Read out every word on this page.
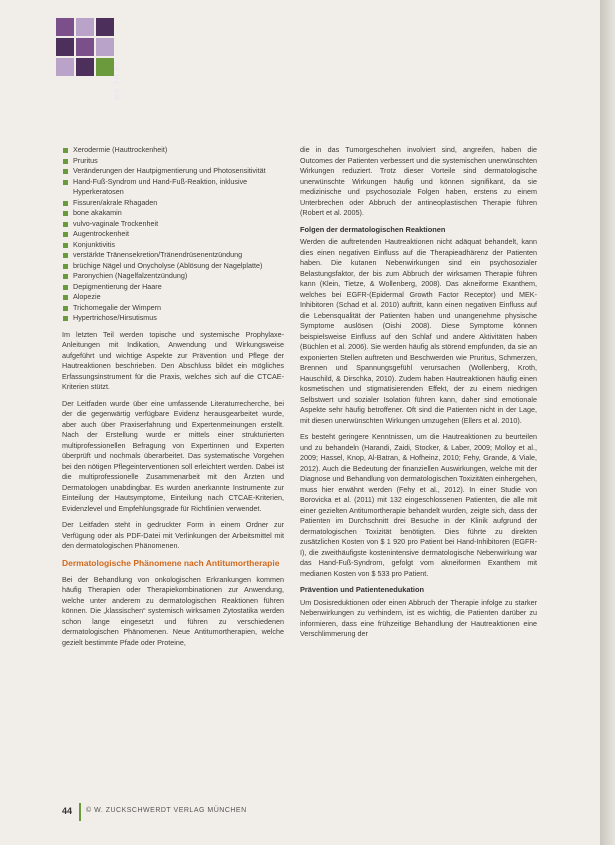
MS TH EL
Xerodermie (Hauttrockenheit)
Pruritus
Veränderungen der Hautpigmentierung und Photosensitivität
Hand-Fuß-Syndrom und Hand-Fuß-Reaktion, inklusive Hyperkeratosen
Fissuren/akrale Rhagaden
bone akakamin
vulvo-vaginale Trockenheit
Augentrockenheit
Konjunktivitis
verstärkte Tränensekretion/Tränendrüsenentzündung
brüchige Nägel und Onycholyse (Ablösung der Nagelplatte)
Paronychien (Nagelfalzentzündung)
Depigmentierung der Haare
Alopezie
Trichomegalie der Wimpern
Hypertrichose/Hirsutismus

Im letzten Teil werden topische und systemische Prophylaxe-Anleitungen mit Indikation, Anwendung und Wirkungsweise aufgeführt und wichtige Aspekte zur Prävention und Pflege der Hautreaktionen beschrieben. Den Abschluss bildet ein mögliches Erfassungsinstrument für die Praxis, welches sich auf die CTCAE-Kriterien stützt.

Der Leitfaden wurde über eine umfassende Literaturrecherche, bei der die gegenwärtig verfügbare Evidenz herausgearbeitet wurde, aber auch über Praxiserfahrung und Expertenmeinungen erstellt. Nach der Erstellung wurde er mittels einer strukturierten multiprofessionellen Befragung von Expertinnen und Experten überprüft und nochmals überarbeitet. Das systematische Vorgehen bei den nötigen Pflegeinterventionen soll erleichtert werden. Dabei ist die multiprofessionelle Zusammenarbeit mit den Ärzten und Dermatologen unabdingbar. Es wurden anerkannte Instrumente zur Einteilung der Hautsymptome, Einteilung nach CTCAE-Kriterien, Evidenzlevel und Empfehlungsgrade für Richtlinien verwendet.

Der Leitfaden steht in gedruckter Form in einem Ordner zur Verfügung oder als PDF-Datei mit Verlinkungen der Arbeitsmittel mit den dermatologischen Phänomenen.

Dermatologische Phänomene nach Antitumortherapie

Bei der Behandlung von onkologischen Erkrankungen kommen häufig Therapien oder Therapiekombinationen zur Anwendung, welche unter anderem zu dermatologischen Reaktionen führen können. Die „klassischen“ systemisch wirksamen Zytostatika werden schon lange eingesetzt und führen zu verschiedenen dermatologischen Phänomenen. Neue Antitumortherapien, welche gezielt bestimmte Pfade oder Proteine,

die in das Tumorgeschehen involviert sind, angreifen, haben die Outcomes der Patienten verbessert und die systemischen unerwünschten Wirkungen reduziert. Trotz dieser Vorteile sind dermatologische unerwünschte Wirkungen häufig und können signifikant, da sie medizinische und psychosoziale Folgen haben, erstens zu einem Unterbrechen oder Abbruch der antineoplastischen Therapie führen (Robert et al. 2005).

Folgen der dermatologischen Reaktionen

Werden die auftretenden Hautreaktionen nicht adäquat behandelt, kann dies einen negativen Einfluss auf die Therapieadhärenz der Patienten haben. Die kutanen Nebenwirkungen sind ein psychosozialer Belastungsfaktor, der bis zum Abbruch der wirksamen Therapie führen kann (Klein, Tietze, & Wollenberg, 2008). Das akneiforme Exanthem, welches bei EGFR-(Epidermal Growth Factor Receptor) und MEK-Inhibitoren (Schad et al. 2010) auftritt, kann einen negativen Einfluss auf die Lebensqualität der Patienten haben und unangenehme physische Symptome auslösen (Oishi 2008). Diese Symptome können beispielsweise Einfluss auf den Schlaf und andere Aktivitäten haben (Büchlen et al. 2006). Sie werden häufig als störend empfunden, da sie an exponierten Stellen auftreten und Beschwerden wie Pruritus, Schmerzen, Brennen und Spannungsgefühl verursachen (Wollenberg, Kroth, Hauschild, & Dirschka, 2010). Zudem haben Hautreaktionen häufig einen kosmetischen und stigmatisierenden Effekt, der zu einem niedrigen Selbstwert und sozialer Isolation führen kann, daher sind emotionale Aspekte sehr häufig betroffener. Oft sind die Patienten nicht in der Lage, mit diesen unerwünschten Wirkungen umzugehen (Ellers et al. 2010).

Es besteht geringere Kenntnissen, um die Hautreaktionen zu beurteilen und zu behandeln (Harandi, Zaidi, Stocker, & Laber, 2009; Molloy et al., 2009; Hassel, Knop, Al-Batran, & Hofheinz, 2010; Fehy, Grande, & Viale, 2012). Auch die Bedeutung der finanziellen Auswirkungen, welche mit der Diagnose und Behandlung von dermatologischen Toxizitäten einhergehen, muss hier erwähnt werden (Fehy et al., 2012). In einer Studie von Borovicka et al. (2011) mit 132 eingeschlossenen Patienten, die alle mit einer gezielten Antitumortherapie behandelt wurden, zeigte sich, dass der Patienten im Durchschnitt drei Besuche in der Klinik aufgrund der dermatologischen Toxizität benötigten. Dies führte zu direkten zusätzlichen Kosten von $ 1 920 pro Patient bei Hand-Inhibitoren (EGFR-I), die zweithäufigste kostenintensive dermatologische Nebenwirkung war das Hand-Fuß-Syndrom, gefolgt vom akneiformen Exanthem mit medianen Kosten von $ 533 pro Patient.

Prävention und Patientenedukation

Um Dosisreduktionen oder einen Abbruch der Therapie infolge zu starker Nebenwirkungen zu verhindern, ist es wichtig, die Patienten darüber zu informieren, dass eine frühzeitige Behandlung der Hautreaktionen eine Verschlimmerung der

44 © W. ZUCKSCHWERDT VERLAG MÜNCHEN
